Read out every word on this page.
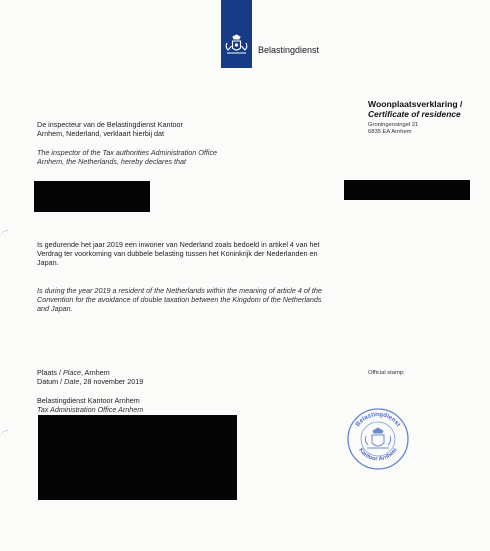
Belastingdienst
Woonplaatsverklaring /
Certificate of residence
Groningensingel 21
6835 EA Arnhem
De inspecteur van de Belastingdienst Kantoor
Arnhem, Nederland, verklaart hierbij dat
The inspector of the Tax authorities Administration Office
Arnhem, the Netherlands, hereby declares that
Is gedurende het jaar 2019 een inwoner van Nederland zoals bedoeld in artikel 4 van het
Verdrag ter voorkoming van dubbele belasting tussen het Koninkrijk der Nederlanden en
Japan.
Is during the year 2019 a resident of the Netherlands within the meaning of article 4 of the
Convention for the avoidance of double taxation between the Kingdom of the Netherlands
and Japan.
Plaats / Place, Arnhem
Datum / Date, 28 november 2019
Belastingdienst Kantoor Arnhem
Tax Administration Office Arnhem
Official stamp:
Belastingdienst
Kantoor Arnhem
